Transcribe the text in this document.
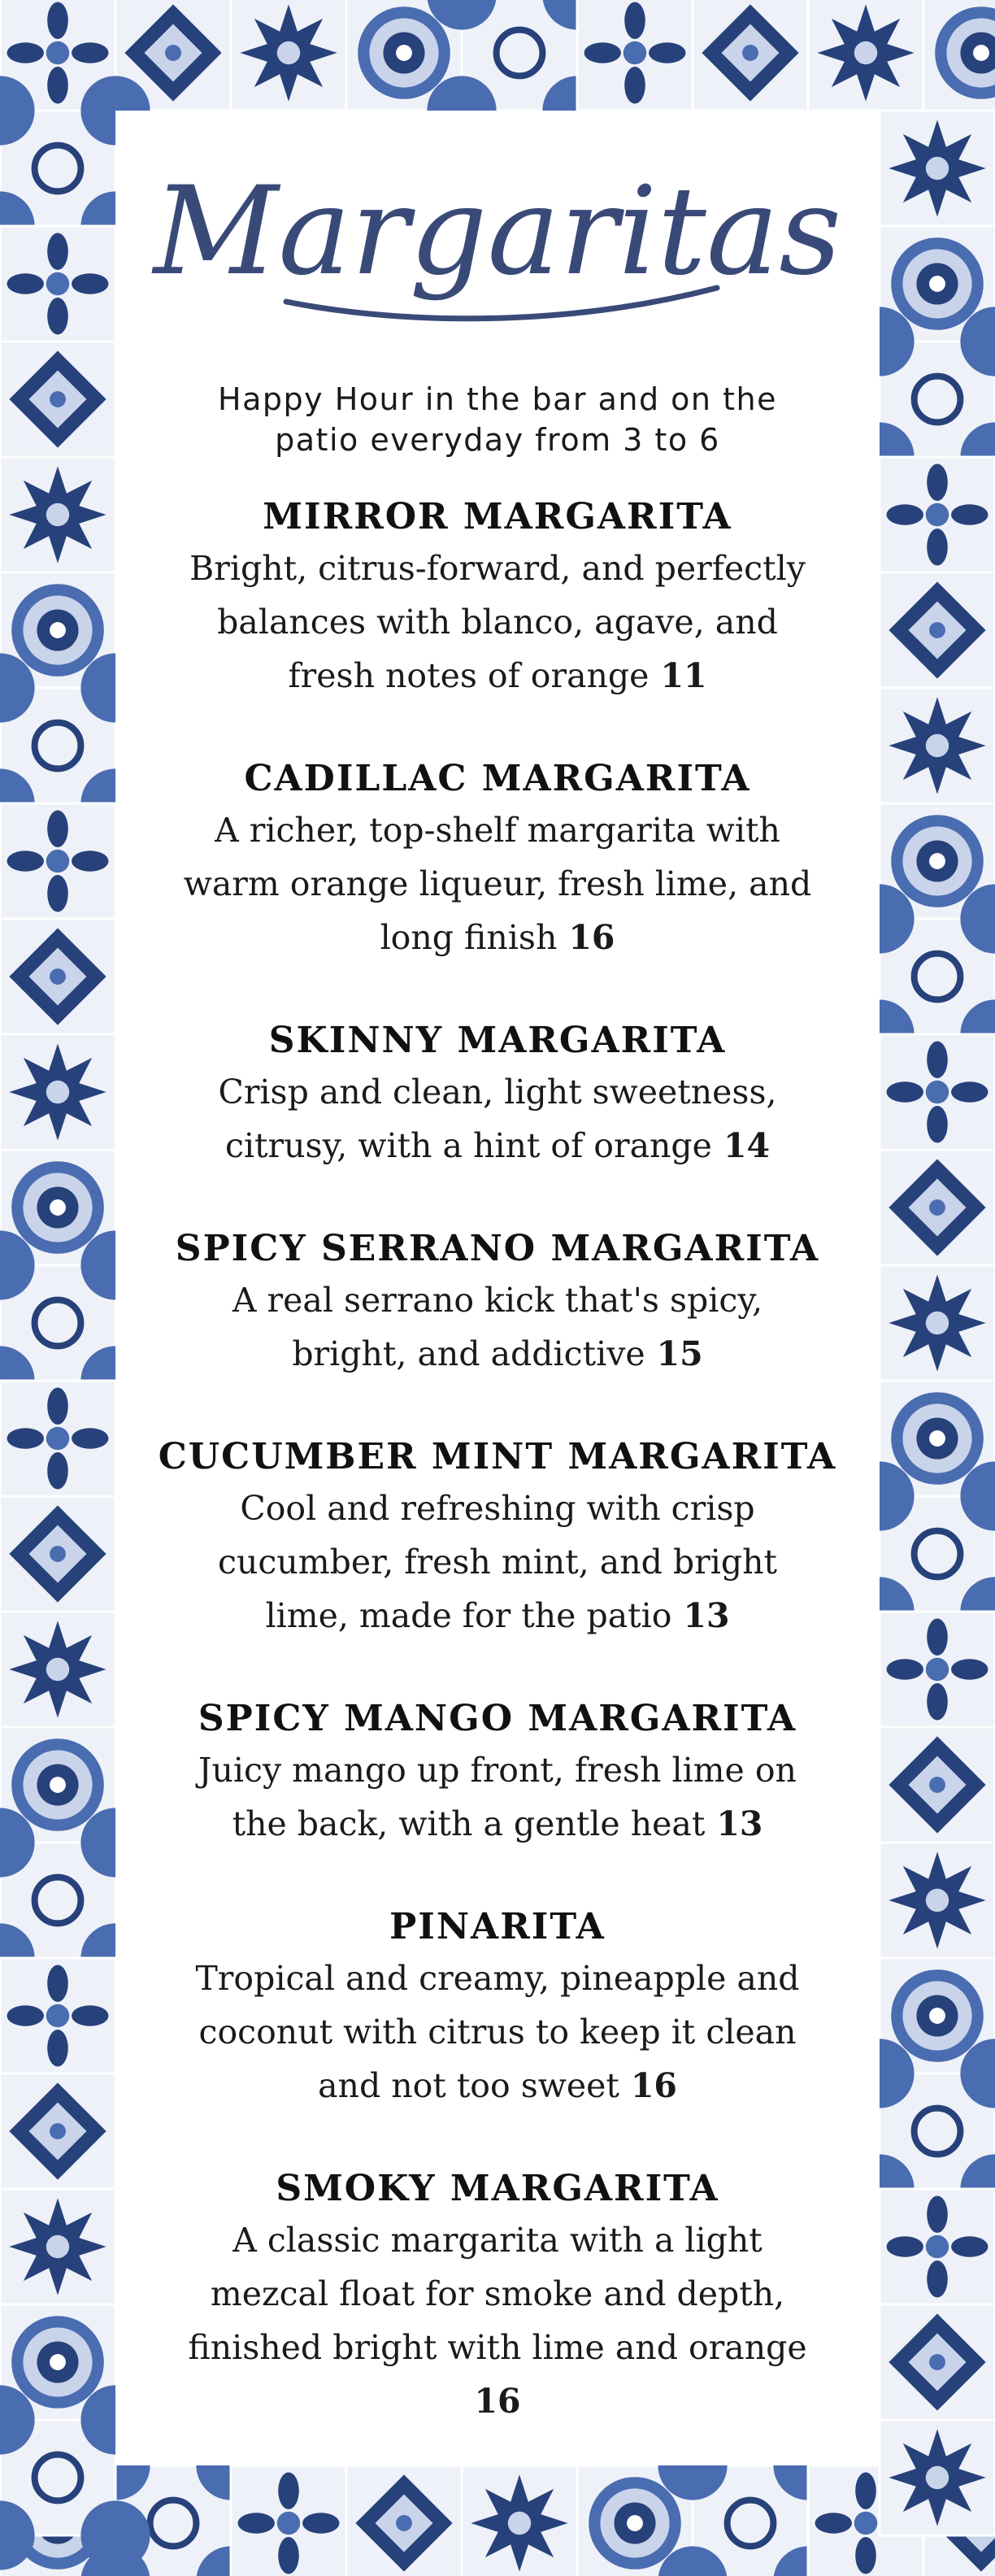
Margaritas
Happy Hour in the bar and on the
patio everyday from 3 to 6
MIRROR MARGARITA
Bright, citrus-forward, and perfectly
balances with blanco, agave, and
fresh notes of orange 11
CADILLAC MARGARITA
A richer, top-shelf margarita with
warm orange liqueur, fresh lime, and
long finish 16
SKINNY MARGARITA
Crisp and clean, light sweetness,
citrusy, with a hint of orange 14
SPICY SERRANO MARGARITA
A real serrano kick that's spicy,
bright, and addictive 15
CUCUMBER MINT MARGARITA
Cool and refreshing with crisp
cucumber, fresh mint, and bright
lime, made for the patio 13
SPICY MANGO MARGARITA
Juicy mango up front, fresh lime on
the back, with a gentle heat 13
PINARITA
Tropical and creamy, pineapple and
coconut with citrus to keep it clean
and not too sweet 16
SMOKY MARGARITA
A classic margarita with a light
mezcal float for smoke and depth,
finished bright with lime and orange
16
